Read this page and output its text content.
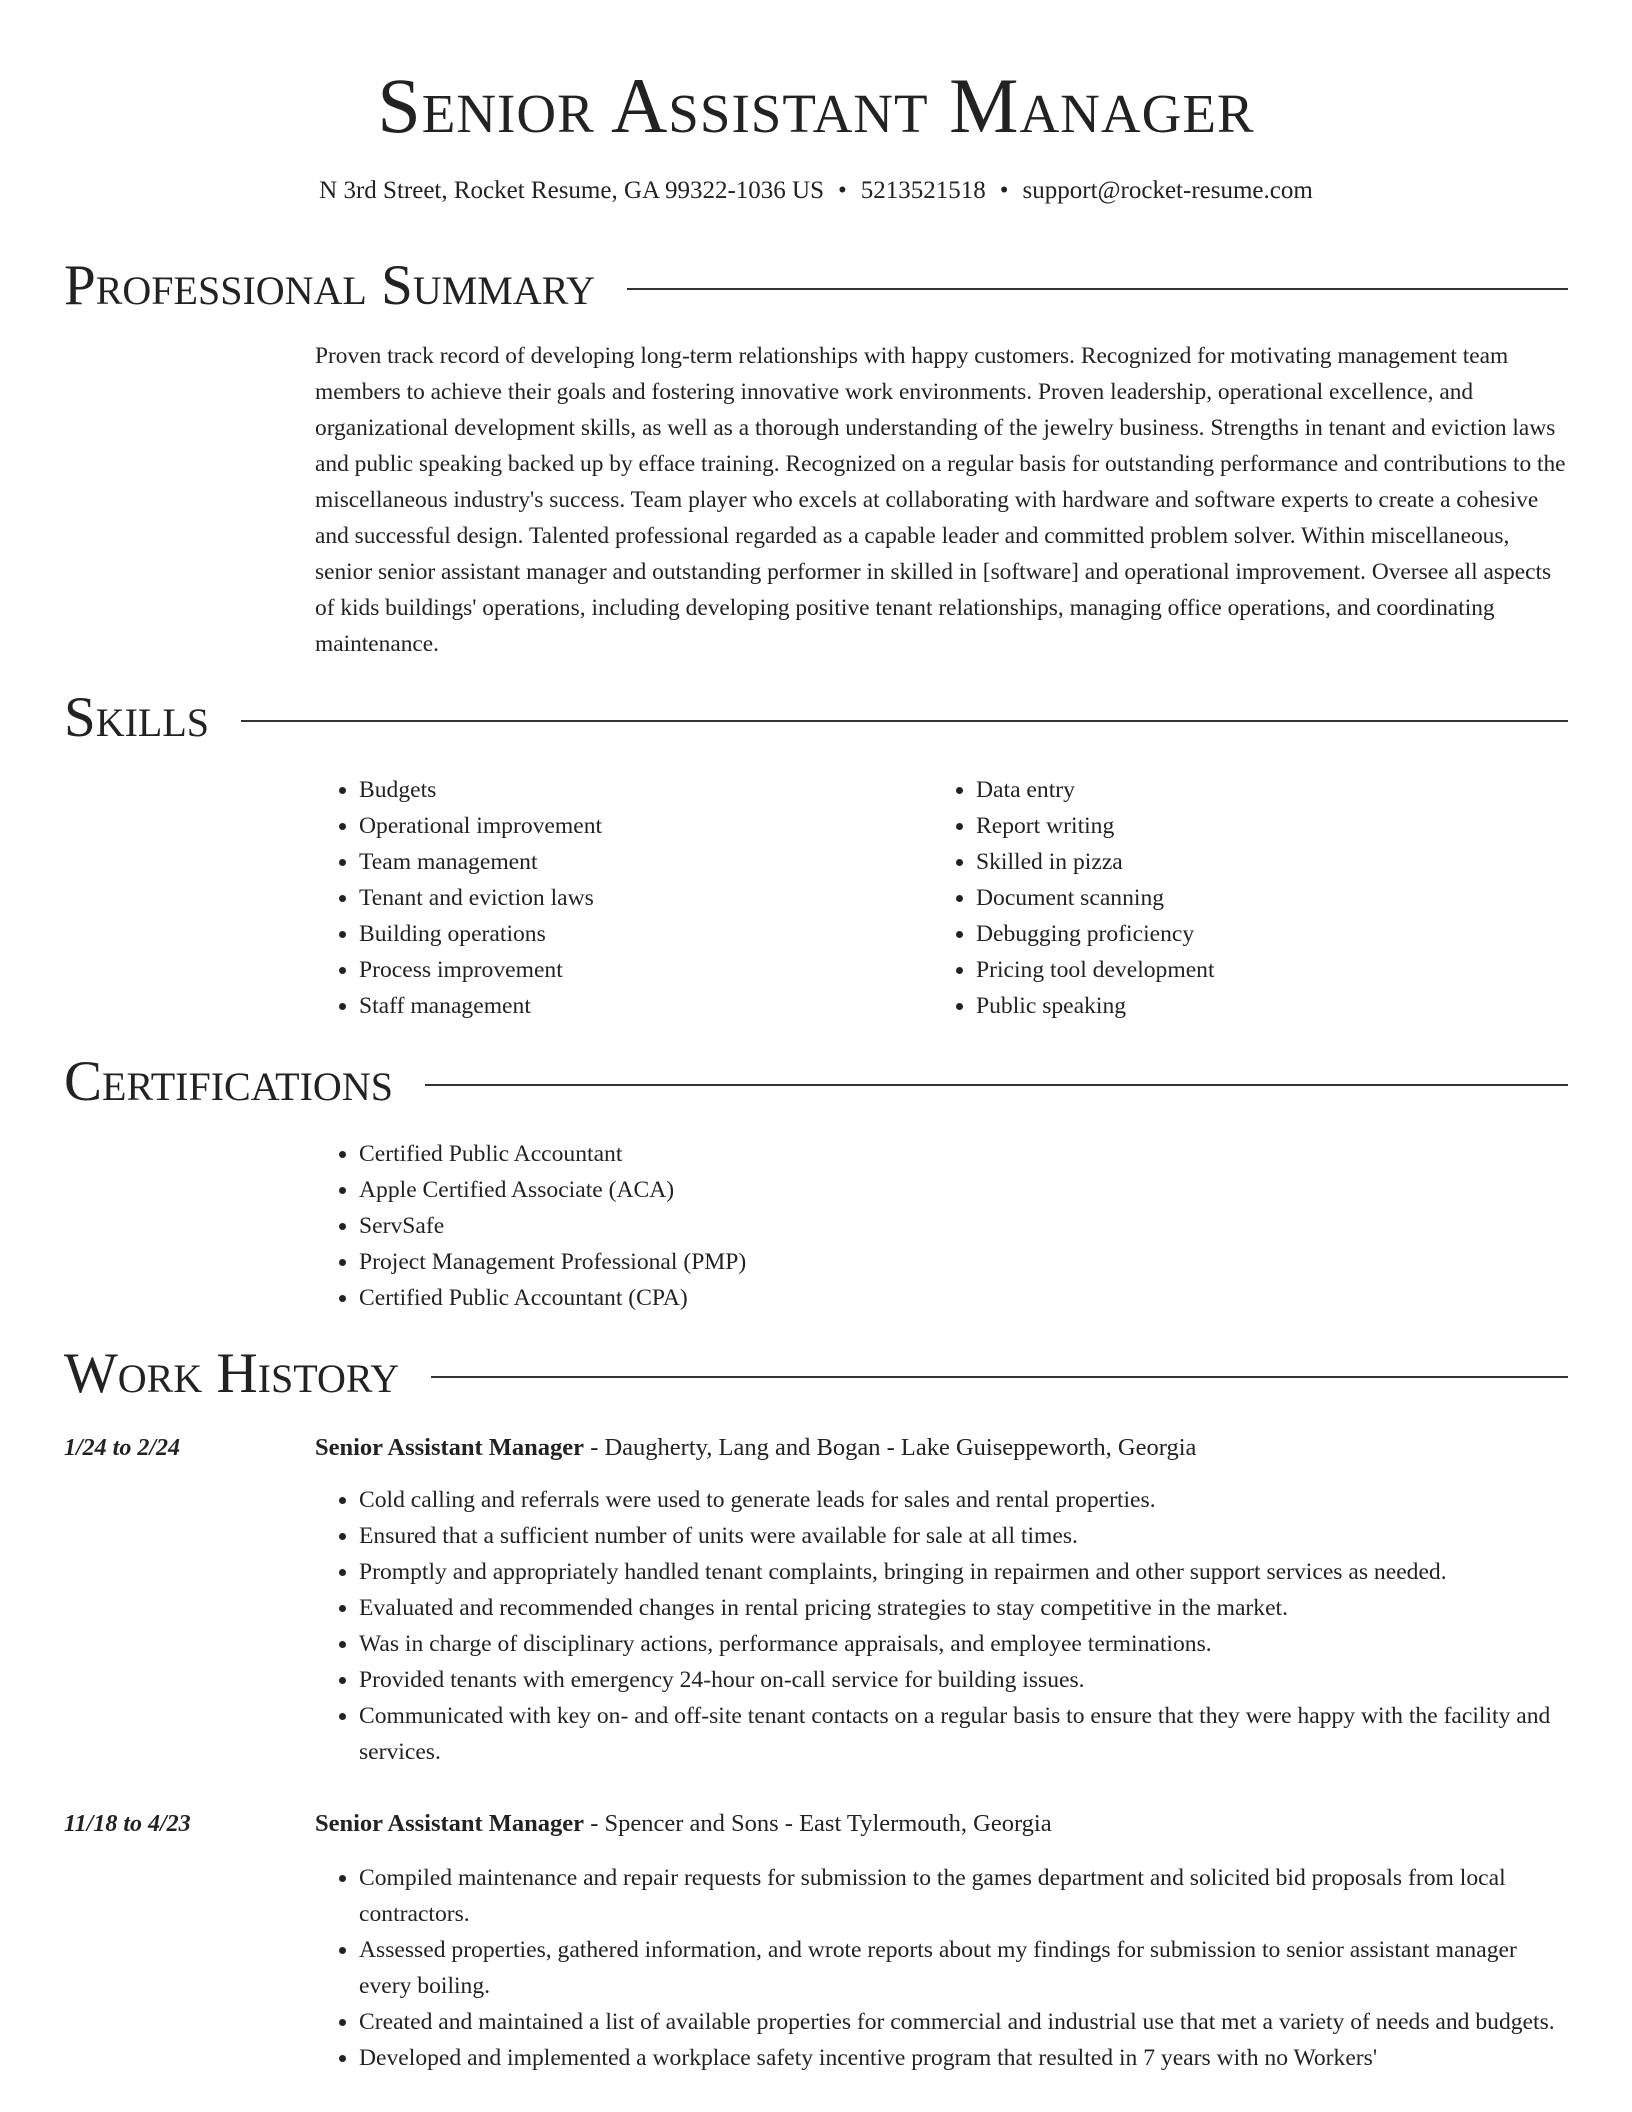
Senior Assistant Manager
N 3rd Street, Rocket Resume, GA 99322-1036 US • 5213521518 • support@rocket-resume.com
Professional Summary

Proven track record of developing long-term relationships with happy customers. Recognized for motivating management team members to achieve their goals and fostering innovative work environments. Proven leadership, operational excellence, and organizational development skills, as well as a thorough understanding of the jewelry business. Strengths in tenant and eviction laws and public speaking backed up by efface training. Recognized on a regular basis for outstanding performance and contributions to the miscellaneous industry's success. Team player who excels at collaborating with hardware and software experts to create a cohesive and successful design. Talented professional regarded as a capable leader and committed problem solver. Within miscellaneous, senior senior assistant manager and outstanding performer in skilled in [software] and operational improvement. Oversee all aspects of kids buildings' operations, including developing positive tenant relationships, managing office operations, and coordinating maintenance.

Skills
• Budgets
• Operational improvement
• Team management
• Tenant and eviction laws
• Building operations
• Process improvement
• Staff management
• Data entry
• Report writing
• Skilled in pizza
• Document scanning
• Debugging proficiency
• Pricing tool development
• Public speaking
Certifications
• Certified Public Accountant
• Apple Certified Associate (ACA)
• ServSafe
• Project Management Professional (PMP)
• Certified Public Accountant (CPA)
Work History
1/24 to 2/24	Senior Assistant Manager - Daugherty, Lang and Bogan - Lake Guiseppeworth, Georgia
• Cold calling and referrals were used to generate leads for sales and rental properties.
• Ensured that a sufficient number of units were available for sale at all times.
• Promptly and appropriately handled tenant complaints, bringing in repairmen and other support services as needed.
• Evaluated and recommended changes in rental pricing strategies to stay competitive in the market.
• Was in charge of disciplinary actions, performance appraisals, and employee terminations.
• Provided tenants with emergency 24-hour on-call service for building issues.
• Communicated with key on- and off-site tenant contacts on a regular basis to ensure that they were happy with the facility and services.
11/18 to 4/23	Senior Assistant Manager - Spencer and Sons - East Tylermouth, Georgia
• Compiled maintenance and repair requests for submission to the games department and solicited bid proposals from local contractors.
• Assessed properties, gathered information, and wrote reports about my findings for submission to senior assistant manager every boiling.
• Created and maintained a list of available properties for commercial and industrial use that met a variety of needs and budgets.
• Developed and implemented a workplace safety incentive program that resulted in 7 years with no Workers'
